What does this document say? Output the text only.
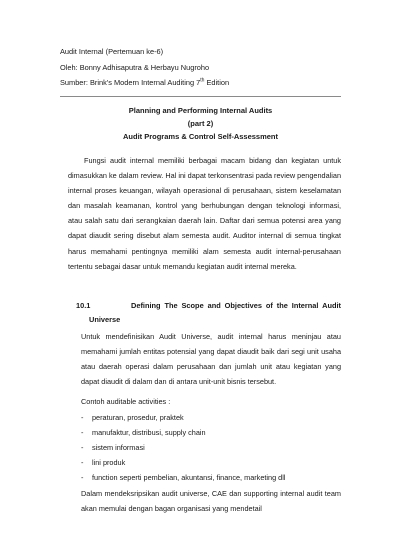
Audit Internal (Pertemuan ke-6)
Oleh: Bonny Adhisaputra & Herbayu Nugroho
Sumber: Brink's Modern Internal Auditing 7th Edition
Planning and Performing Internal Audits
(part 2)
Audit Programs & Control Self-Assessment
Fungsi audit internal memiliki berbagai macam bidang dan kegiatan untuk dimasukkan ke dalam review. Hal ini dapat terkonsentrasi pada review pengendalian internal proses keuangan, wilayah operasional di perusahaan, sistem keselamatan dan masalah keamanan, kontrol yang berhubungan dengan teknologi informasi, atau salah satu dari serangkaian daerah lain. Daftar dari semua potensi area yang dapat diaudit sering disebut alam semesta audit. Auditor internal di semua tingkat harus memahami pentingnya memiliki alam semesta audit internal-perusahaan tertentu sebagai dasar untuk memandu kegiatan audit internal mereka.
10.1	Defining The Scope and Objectives of the Internal Audit
Universe
Untuk mendefinisikan Audit Universe, audit internal harus meninjau atau memahami jumlah entitas potensial yang dapat diaudit baik dari segi unit usaha atau daerah operasi dalam perusahaan dan jumlah unit atau kegiatan yang dapat diaudit di dalam dan di antara unit-unit bisnis tersebut.
Contoh auditable activities :
- peraturan, prosedur, praktek
- manufaktur, distribusi, supply chain
- sistem informasi
- lini produk
- function seperti pembelian, akuntansi, finance, marketing dll
Dalam mendeksripsikan audit universe, CAE dan supporting internal audit team akan memulai dengan bagan organisasi yang mendetail
